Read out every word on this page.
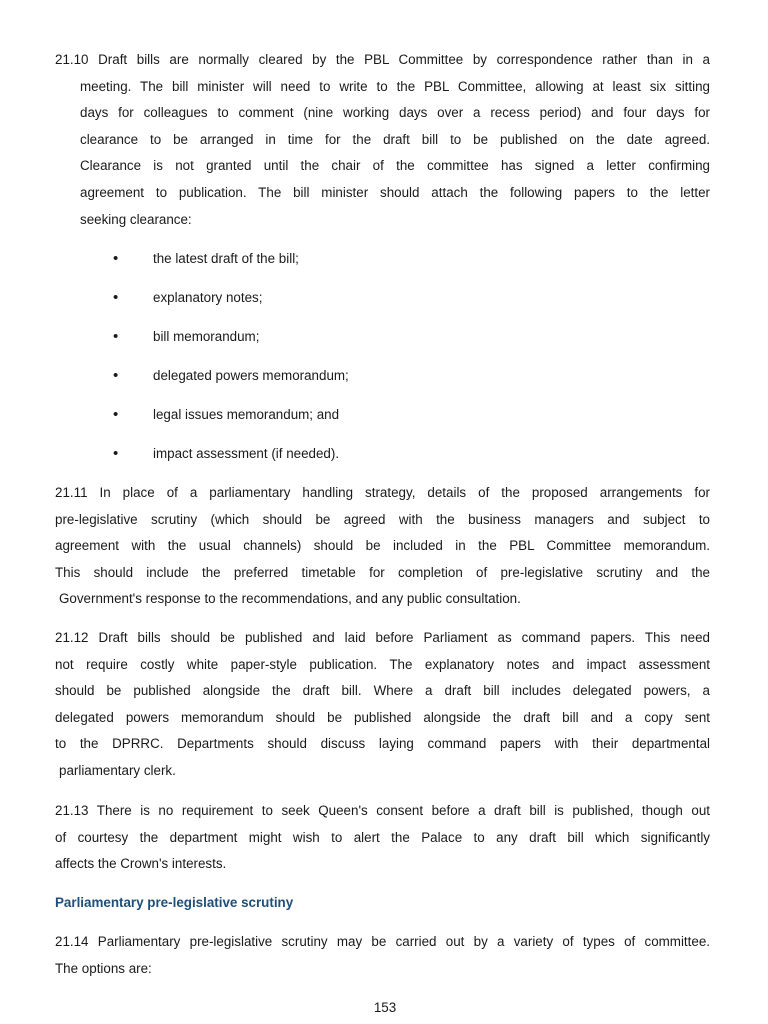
21.10 Draft bills are normally cleared by the PBL Committee by correspondence rather than in a
meeting. The bill minister will need to write to the PBL Committee, allowing at least six sitting
days for colleagues to comment (nine working days over a recess period) and four days for
clearance to be arranged in time for the draft bill to be published on the date agreed.
Clearance is not granted until the chair of the committee has signed a letter confirming
agreement to publication. The bill minister should attach the following papers to the letter
seeking clearance:
•	the latest draft of the bill;
•	explanatory notes;
•	bill memorandum;
•	delegated powers memorandum;
•	legal issues memorandum; and
•	impact assessment (if needed).
21.11 In place of a parliamentary handling strategy, details of the proposed arrangements for
pre-legislative scrutiny (which should be agreed with the business managers and subject to
agreement with the usual channels) should be included in the PBL Committee memorandum.
This should include the preferred timetable for completion of pre-legislative scrutiny and the
Government's response to the recommendations, and any public consultation.
21.12 Draft bills should be published and laid before Parliament as command papers. This need
not require costly white paper-style publication. The explanatory notes and impact assessment
should be published alongside the draft bill. Where a draft bill includes delegated powers, a
delegated powers memorandum should be published alongside the draft bill and a copy sent
to the DPRRC. Departments should discuss laying command papers with their departmental
parliamentary clerk.
21.13 There is no requirement to seek Queen's consent before a draft bill is published, though out
of courtesy the department might wish to alert the Palace to any draft bill which significantly
affects the Crown's interests.
Parliamentary pre-legislative scrutiny
21.14 Parliamentary pre-legislative scrutiny may be carried out by a variety of types of committee.
The options are:
153
